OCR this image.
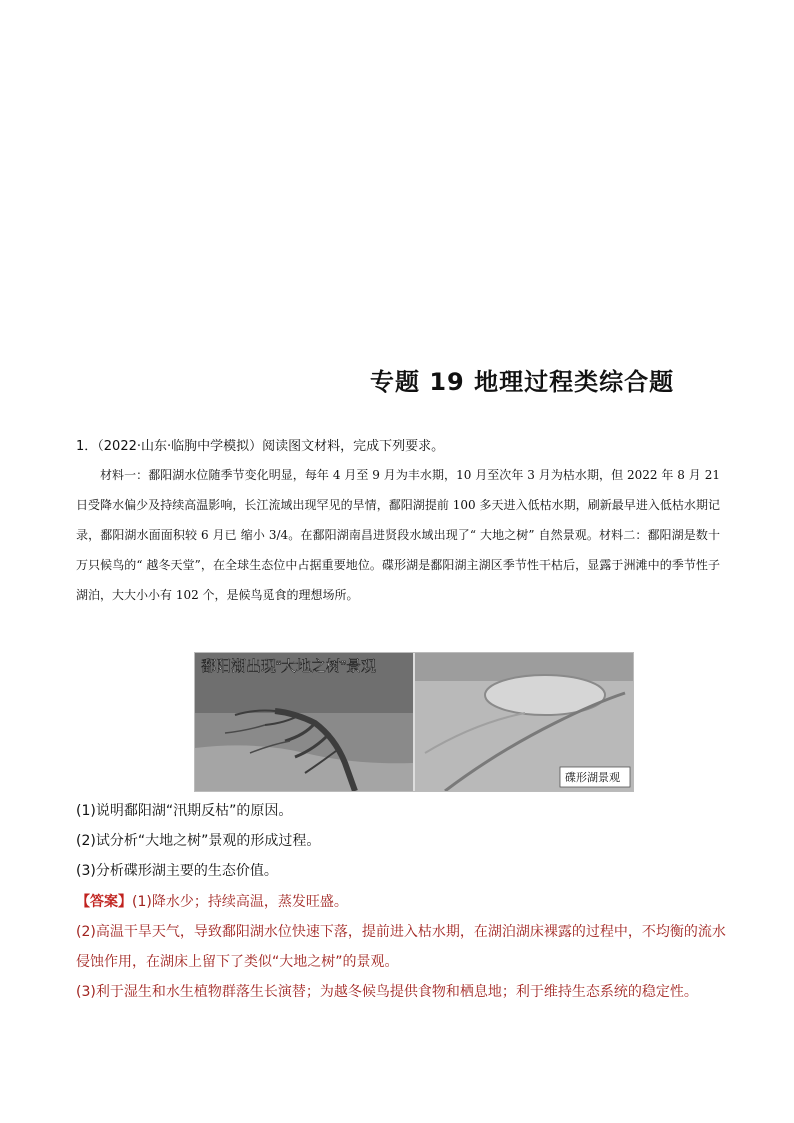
专题 19 地理过程类综合题
1．（2022·山东·临朐中学模拟）阅读图文材料，完成下列要求。

材料一：鄱阳湖水位随季节变化明显，每年 4 月至 9 月为丰水期，10 月至次年 3 月为枯水期，但 2022 年 8 月 21 日受降水偏少及持续高温影响，长江流域出现罕见的旱情，鄱阳湖提前 100 多天进入低枯水期，刷新最早进入低枯水期记录，鄱阳湖水面面积较 6 月已 缩小 3/4。在鄱阳湖南昌进贤段水域出现了“ 大地之树” 自然景观。材料二：鄱阳湖是数十万只候鸟的“ 越冬天堂”，在全球生态位中占据重要地位。碟形湖是鄱阳湖主湖区季节性干枯后，显露于洲滩中的季节性子湖泊，大大小小有 102 个，是候鸟觅食的理想场所。

鄱阳湖出现“大地之树”景观
碟形湖景观
(1)说明鄱阳湖“汛期反枯”的原因。
(2)试分析“大地之树”景观的形成过程。
(3)分析碟形湖主要的生态价值。
【答案】(1)降水少；持续高温，蒸发旺盛。
(2)高温干旱天气，导致鄱阳湖水位快速下落，提前进入枯水期，在湖泊湖床裸露的过程中，不均衡的流水
侵蚀作用，在湖床上留下了类似“大地之树”的景观。
(3)利于湿生和水生植物群落生长演替；为越冬候鸟提供食物和栖息地；利于维持生态系统的稳定性。
